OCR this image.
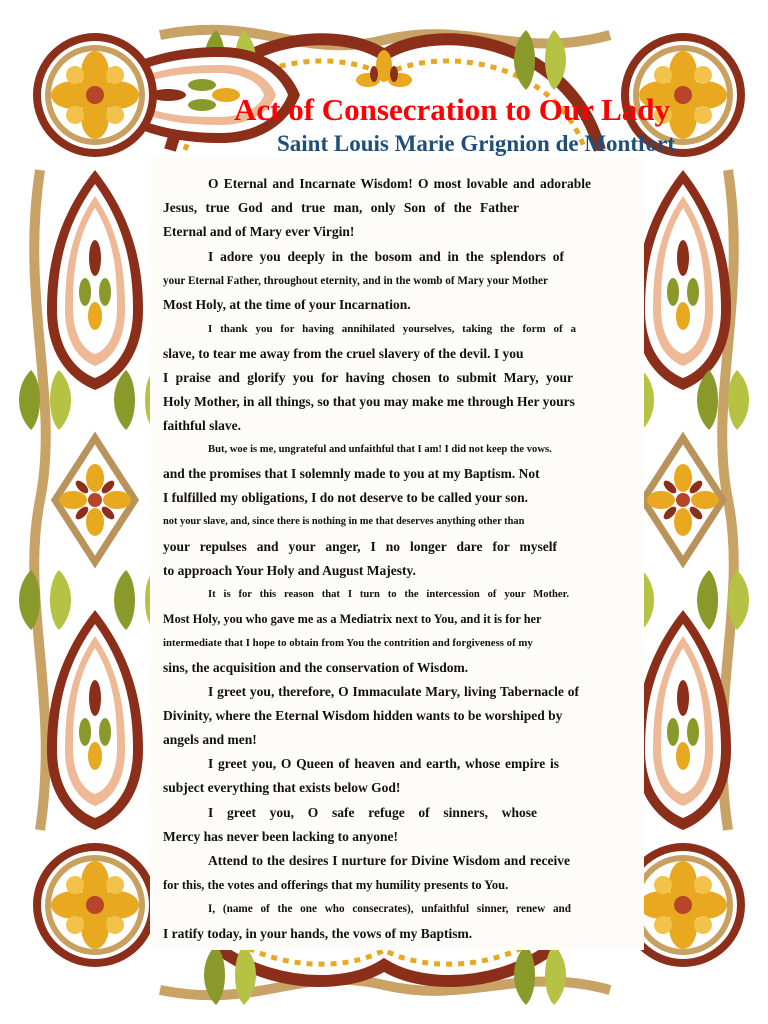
Act of Consecration to Our Lady
Saint Louis Marie Grignion de Montfort
O Eternal and Incarnate Wisdom! O most lovable and adorable
Jesus, true God and true man, only Son of the Father
Eternal and of Mary ever Virgin!
I adore you deeply in the bosom and in the splendors of
your Eternal Father, throughout eternity, and in the womb of Mary your Mother
Most Holy, at the time of your Incarnation.
I thank you for having annihilated yourselves, taking the form of a
slave, to tear me away from the cruel slavery of the devil. I you
I praise and glorify you for having chosen to submit Mary, your
Holy Mother, in all things, so that you may make me through Her yours
faithful slave.
But, woe is me, ungrateful and unfaithful that I am! I did not keep the vows.
and the promises that I solemnly made to you at my Baptism. Not
I fulfilled my obligations, I do not deserve to be called your son.
not your slave, and, since there is nothing in me that deserves anything other than
your repulses and your anger, I no longer dare for myself
to approach Your Holy and August Majesty.
It is for this reason that I turn to the intercession of your Mother.
Most Holy, you who gave me as a Mediatrix next to You, and it is for her
intermediate that I hope to obtain from You the contrition and forgiveness of my
sins, the acquisition and the conservation of Wisdom.
I greet you, therefore, O Immaculate Mary, living Tabernacle of
Divinity, where the Eternal Wisdom hidden wants to be worshiped by
angels and men!
I greet you, O Queen of heaven and earth, whose empire is
subject everything that exists below God!
I greet you, O safe refuge of sinners, whose
Mercy has never been lacking to anyone!
Attend to the desires I nurture for Divine Wisdom and receive
for this, the votes and offerings that my humility presents to You.
I, (name of the one who consecrates), unfaithful sinner, renew and
I ratify today, in your hands, the vows of my Baptism.
